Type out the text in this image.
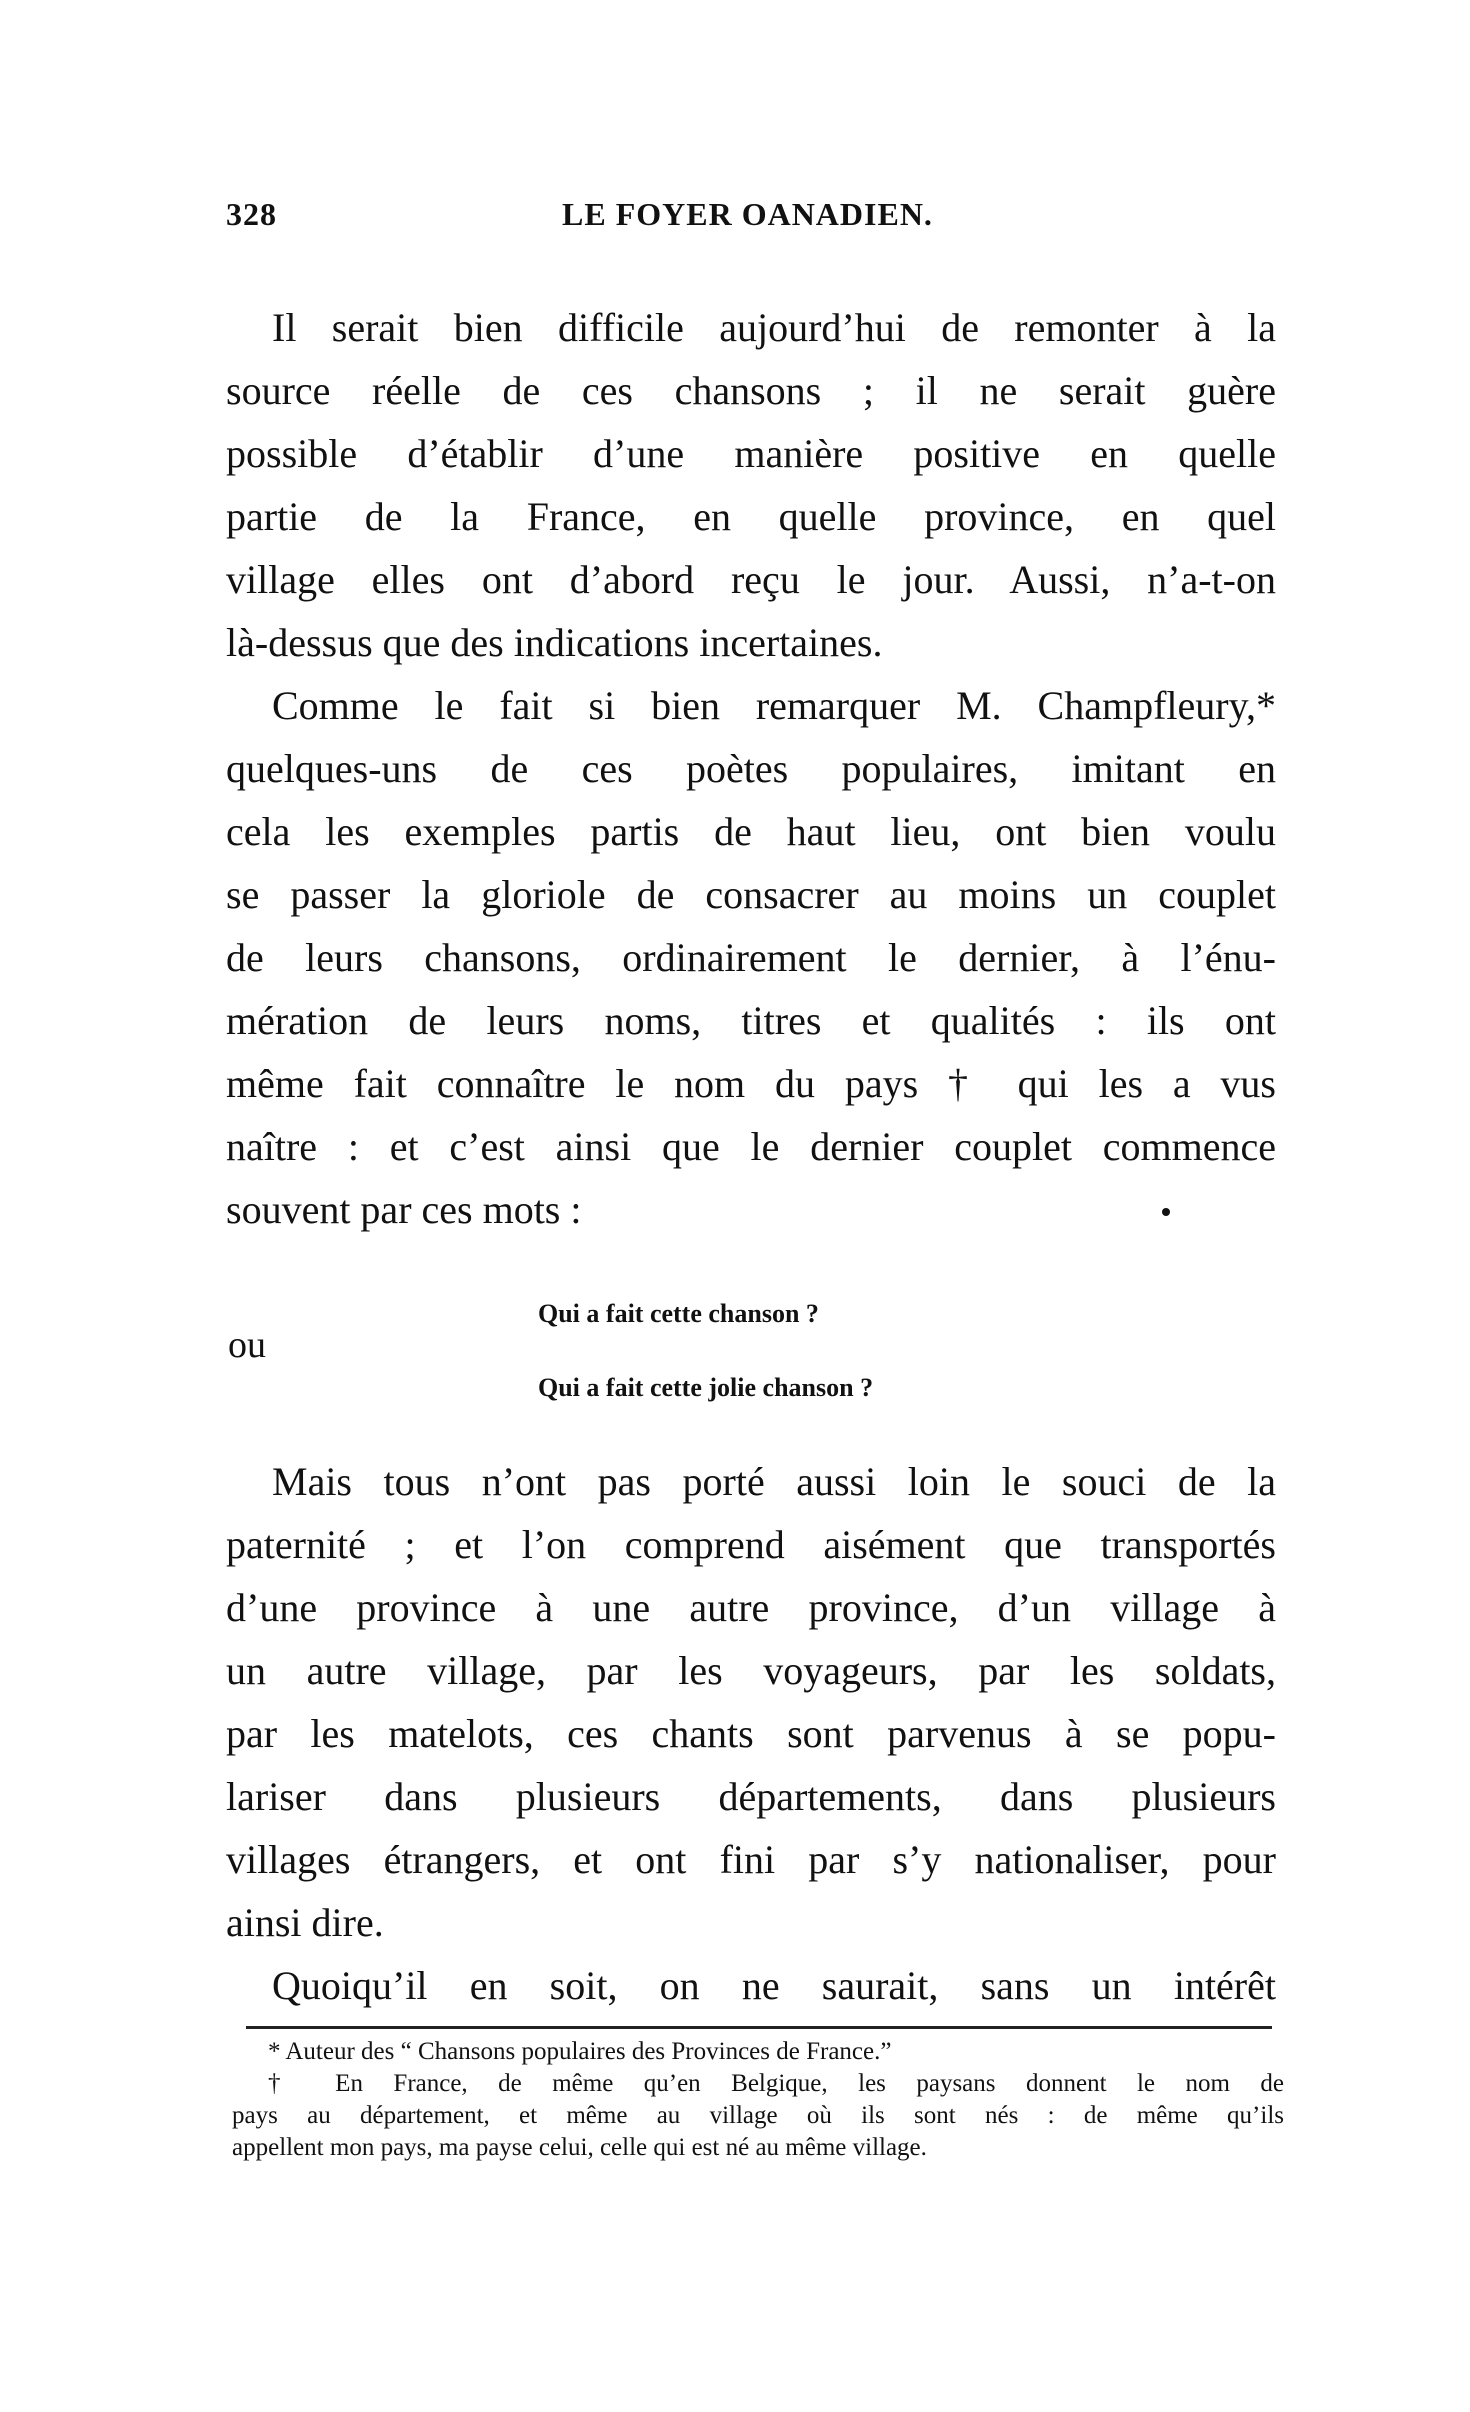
328	LE FOYER OANADIEN.
Il serait bien difficile aujourd’hui de remonter à la
source réelle de ces chansons ; il ne serait guère
possible d’établir d’une manière positive en quelle
partie de la France, en quelle province, en quel
village elles ont d’abord reçu le jour. Aussi, n’a-t-on
là-dessus que des indications incertaines.
Comme le fait si bien remarquer M. Champfleury,*
quelques-uns de ces poètes populaires, imitant en
cela les exemples partis de haut lieu, ont bien voulu
se passer la gloriole de consacrer au moins un couplet
de leurs chansons, ordinairement le dernier, à l’énu-
mération de leurs noms, titres et qualités : ils ont
même fait connaître le nom du pays † qui les a vus
naître : et c’est ainsi que le dernier couplet commence
souvent par ces mots :
Qui a fait cette chanson ?
ou
Qui a fait cette jolie chanson ?
Mais tous n’ont pas porté aussi loin le souci de la
paternité ; et l’on comprend aisément que transportés
d’une province à une autre province, d’un village à
un autre village, par les voyageurs, par les soldats,
par les matelots, ces chants sont parvenus à se popu-
lariser dans plusieurs départements, dans plusieurs
villages étrangers, et ont fini par s’y nationaliser, pour
ainsi dire.
Quoiqu’il en soit, on ne saurait, sans un intérêt
* Auteur des “ Chansons populaires des Provinces de France.”
† En France, de même qu’en Belgique, les paysans donnent le nom de
pays au département, et même au village où ils sont nés : de même qu’ils
appellent mon pays, ma payse celui, celle qui est né au même village.
